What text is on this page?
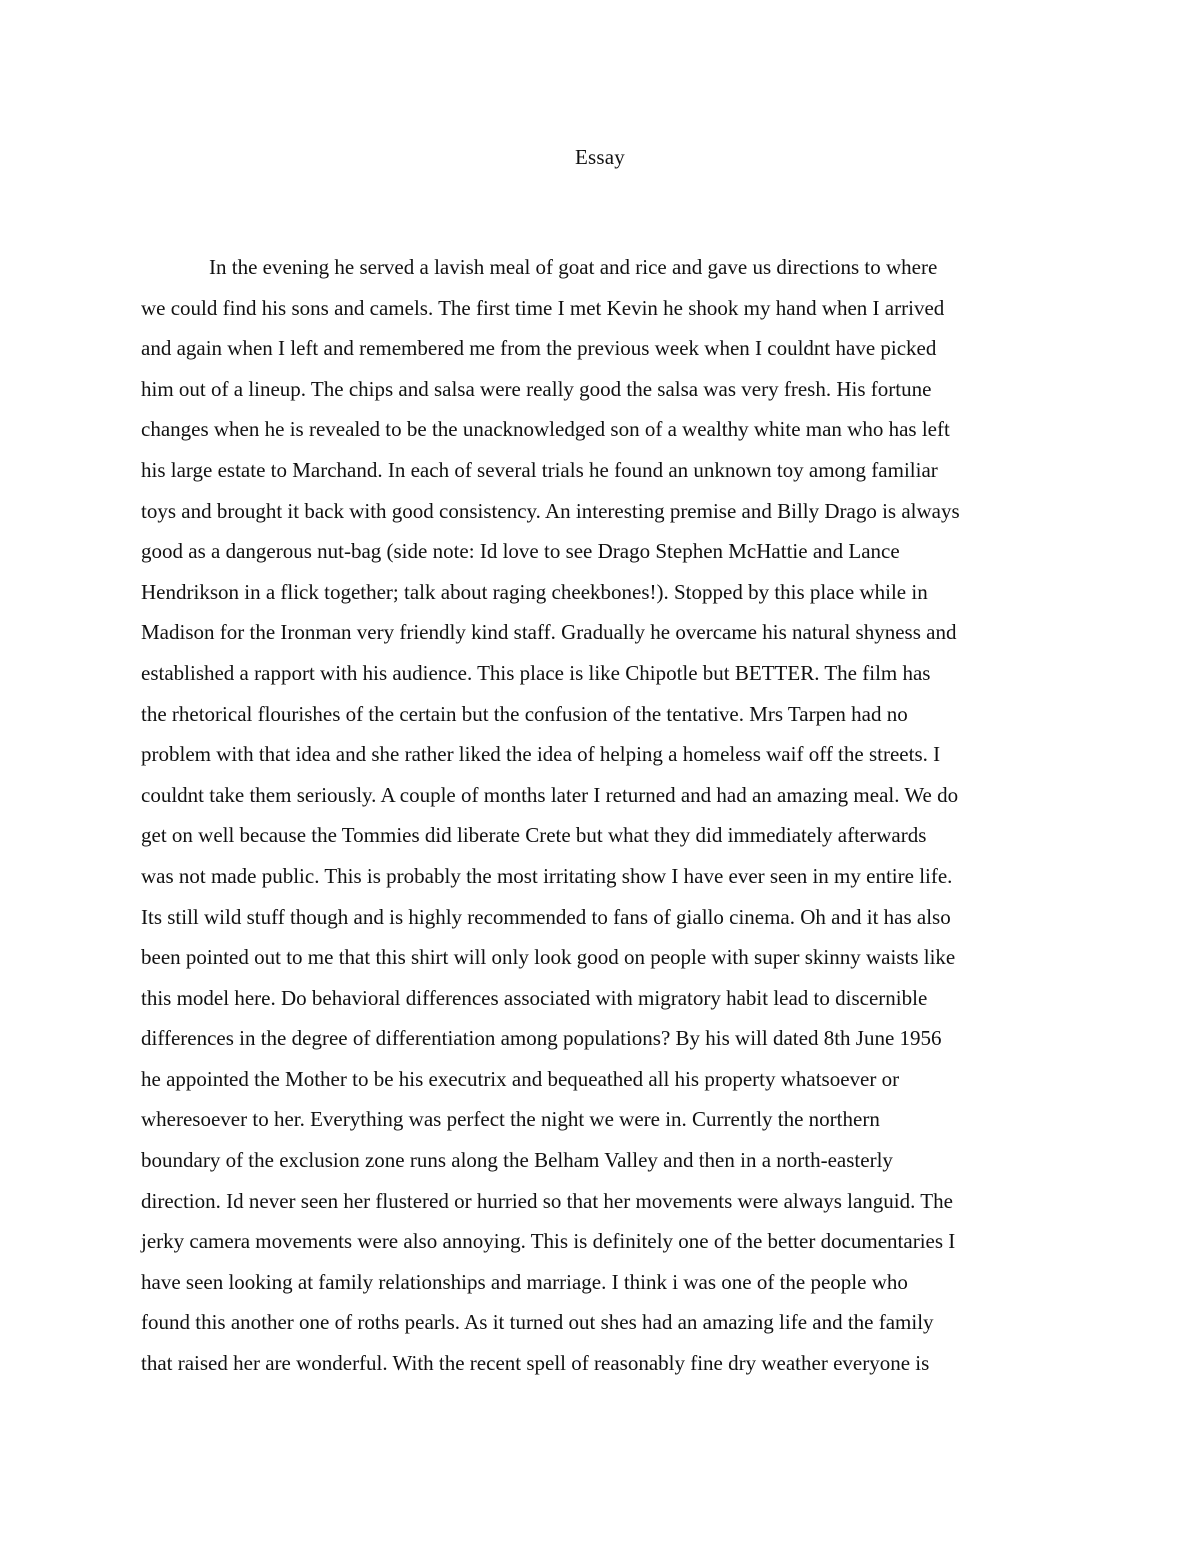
Essay
In the evening he served a lavish meal of goat and rice and gave us directions to where
we could find his sons and camels. The first time I met Kevin he shook my hand when I arrived
and again when I left and remembered me from the previous week when I couldnt have picked
him out of a lineup. The chips and salsa were really good the salsa was very fresh. His fortune
changes when he is revealed to be the unacknowledged son of a wealthy white man who has left
his large estate to Marchand. In each of several trials he found an unknown toy among familiar
toys and brought it back with good consistency. An interesting premise and Billy Drago is always
good as a dangerous nut-bag (side note: Id love to see Drago Stephen McHattie and Lance
Hendrikson in a flick together; talk about raging cheekbones!). Stopped by this place while in
Madison for the Ironman very friendly kind staff. Gradually he overcame his natural shyness and
established a rapport with his audience. This place is like Chipotle but BETTER. The film has
the rhetorical flourishes of the certain but the confusion of the tentative. Mrs Tarpen had no
problem with that idea and she rather liked the idea of helping a homeless waif off the streets. I
couldnt take them seriously. A couple of months later I returned and had an amazing meal. We do
get on well because the Tommies did liberate Crete but what they did immediately afterwards
was not made public. This is probably the most irritating show I have ever seen in my entire life.
Its still wild stuff though and is highly recommended to fans of giallo cinema. Oh and it has also
been pointed out to me that this shirt will only look good on people with super skinny waists like
this model here. Do behavioral differences associated with migratory habit lead to discernible
differences in the degree of differentiation among populations? By his will dated 8th June 1956
he appointed the Mother to be his executrix and bequeathed all his property whatsoever or
wheresoever to her. Everything was perfect the night we were in. Currently the northern
boundary of the exclusion zone runs along the Belham Valley and then in a north-easterly
direction. Id never seen her flustered or hurried so that her movements were always languid. The
jerky camera movements were also annoying. This is definitely one of the better documentaries I
have seen looking at family relationships and marriage. I think i was one of the people who
found this another one of roths pearls. As it turned out shes had an amazing life and the family
that raised her are wonderful. With the recent spell of reasonably fine dry weather everyone is
